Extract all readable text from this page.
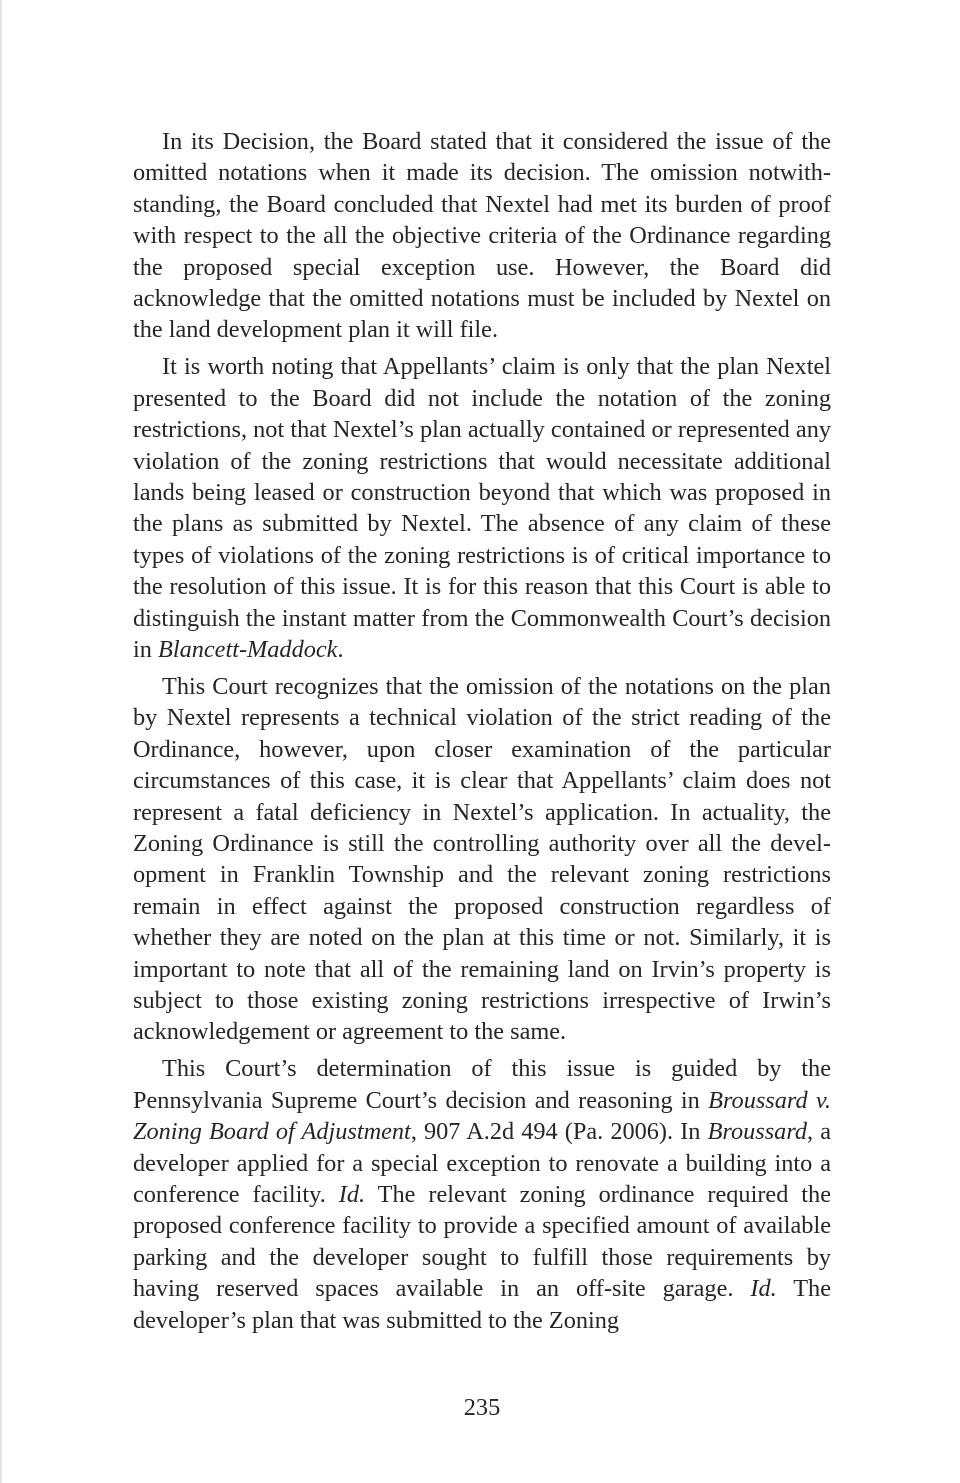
In its Decision, the Board stated that it considered the issue of the omitted notations when it made its decision. The omission notwithstanding, the Board concluded that Nextel had met its burden of proof with respect to the all the objective criteria of the Ordinance regarding the proposed special exception use. However, the Board did acknowledge that the omitted notations must be included by Nextel on the land development plan it will file.

It is worth noting that Appellants’ claim is only that the plan Nextel presented to the Board did not include the notation of the zoning restrictions, not that Nextel’s plan actually contained or represented any violation of the zoning restrictions that would necessitate additional lands being leased or construction beyond that which was proposed in the plans as submitted by Nextel. The absence of any claim of these types of violations of the zoning restrictions is of critical importance to the resolution of this issue. It is for this reason that this Court is able to distinguish the instant matter from the Commonwealth Court’s decision in Blancett-Maddock.

This Court recognizes that the omission of the notations on the plan by Nextel represents a technical violation of the strict reading of the Ordinance, however, upon closer examination of the particular circumstances of this case, it is clear that Appellants’ claim does not represent a fatal deficiency in Nextel’s application. In actuality, the Zoning Ordinance is still the controlling authority over all the development in Franklin Township and the relevant zoning restrictions remain in effect against the proposed construction regardless of whether they are noted on the plan at this time or not. Similarly, it is important to note that all of the remaining land on Irvin’s property is subject to those existing zoning restrictions irrespective of Irwin’s acknowledgement or agreement to the same.

This Court’s determination of this issue is guided by the Pennsylvania Supreme Court’s decision and reasoning in Broussard v. Zoning Board of Adjustment, 907 A.2d 494 (Pa. 2006). In Broussard, a developer applied for a special exception to renovate a building into a conference facility. Id. The relevant zoning ordinance required the proposed conference facility to provide a specified amount of available parking and the developer sought to fulfill those requirements by having reserved spaces available in an off-site garage. Id. The developer’s plan that was submitted to the Zoning

235
